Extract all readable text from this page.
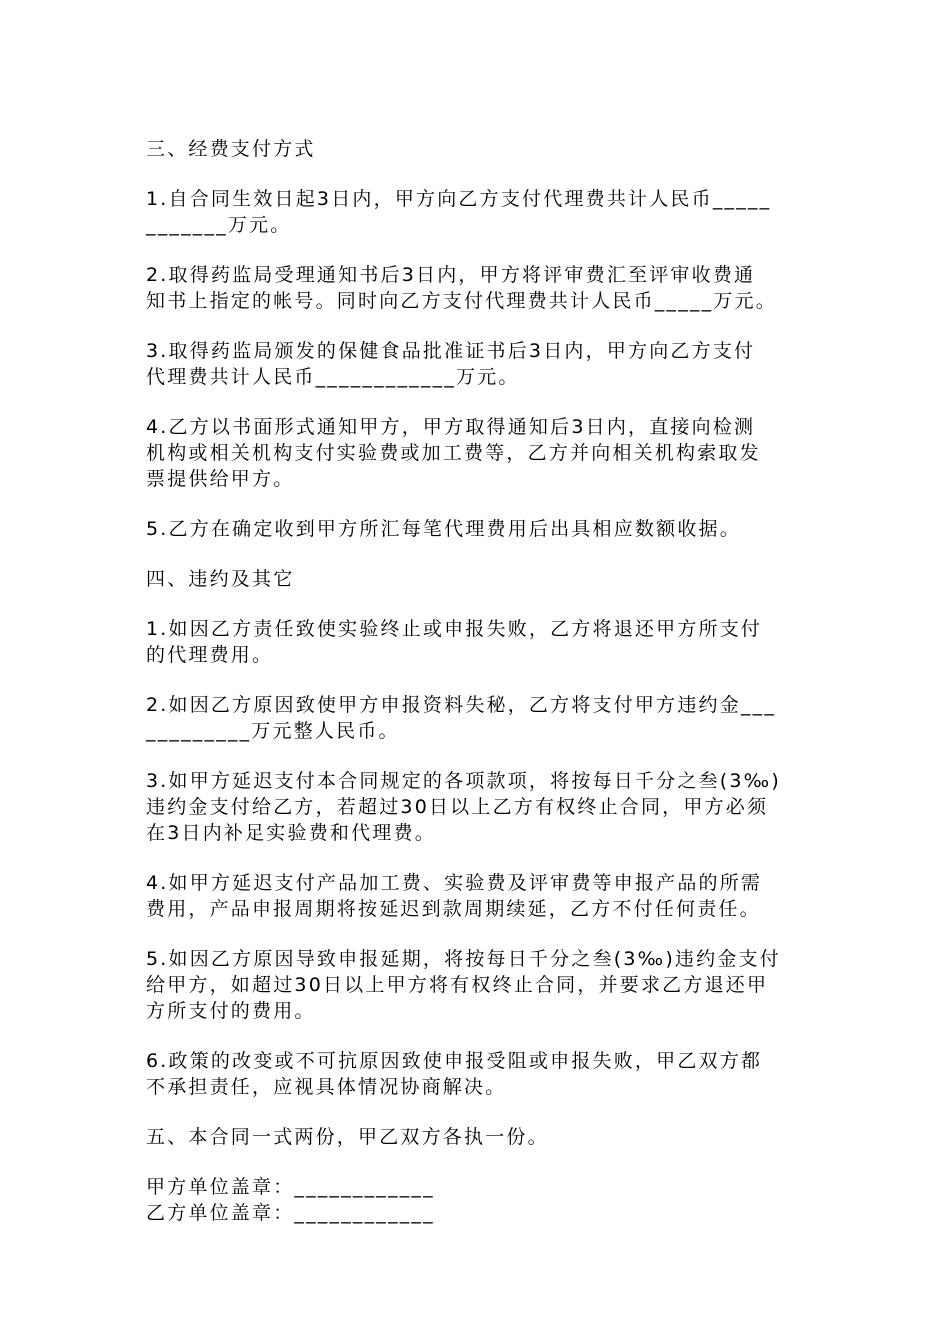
三、经费支付方式
1.自合同生效日起3日内，甲方向乙方支付代理费共计人民币_____
_______万元。
2.取得药监局受理通知书后3日内，甲方将评审费汇至评审收费通
知书上指定的帐号。同时向乙方支付代理费共计人民币_____万元。
3.取得药监局颁发的保健食品批准证书后3日内，甲方向乙方支付
代理费共计人民币____________万元。
4.乙方以书面形式通知甲方，甲方取得通知后3日内，直接向检测
机构或相关机构支付实验费或加工费等，乙方并向相关机构索取发
票提供给甲方。
5.乙方在确定收到甲方所汇每笔代理费用后出具相应数额收据。
四、违约及其它
1.如因乙方责任致使实验终止或申报失败，乙方将退还甲方所支付
的代理费用。
2.如因乙方原因致使甲方申报资料失秘，乙方将支付甲方违约金___
_________万元整人民币。
3.如甲方延迟支付本合同规定的各项款项，将按每日千分之叁(3‰)
违约金支付给乙方，若超过30日以上乙方有权终止合同，甲方必须
在3日内补足实验费和代理费。
4.如甲方延迟支付产品加工费、实验费及评审费等申报产品的所需
费用，产品申报周期将按延迟到款周期续延，乙方不付任何责任。
5.如因乙方原因导致申报延期，将按每日千分之叁(3‰)违约金支付
给甲方，如超过30日以上甲方将有权终止合同，并要求乙方退还甲
方所支付的费用。
6.政策的改变或不可抗原因致使申报受阻或申报失败，甲乙双方都
不承担责任，应视具体情况协商解决。
五、本合同一式两份，甲乙双方各执一份。
甲方单位盖章：____________
乙方单位盖章：____________
